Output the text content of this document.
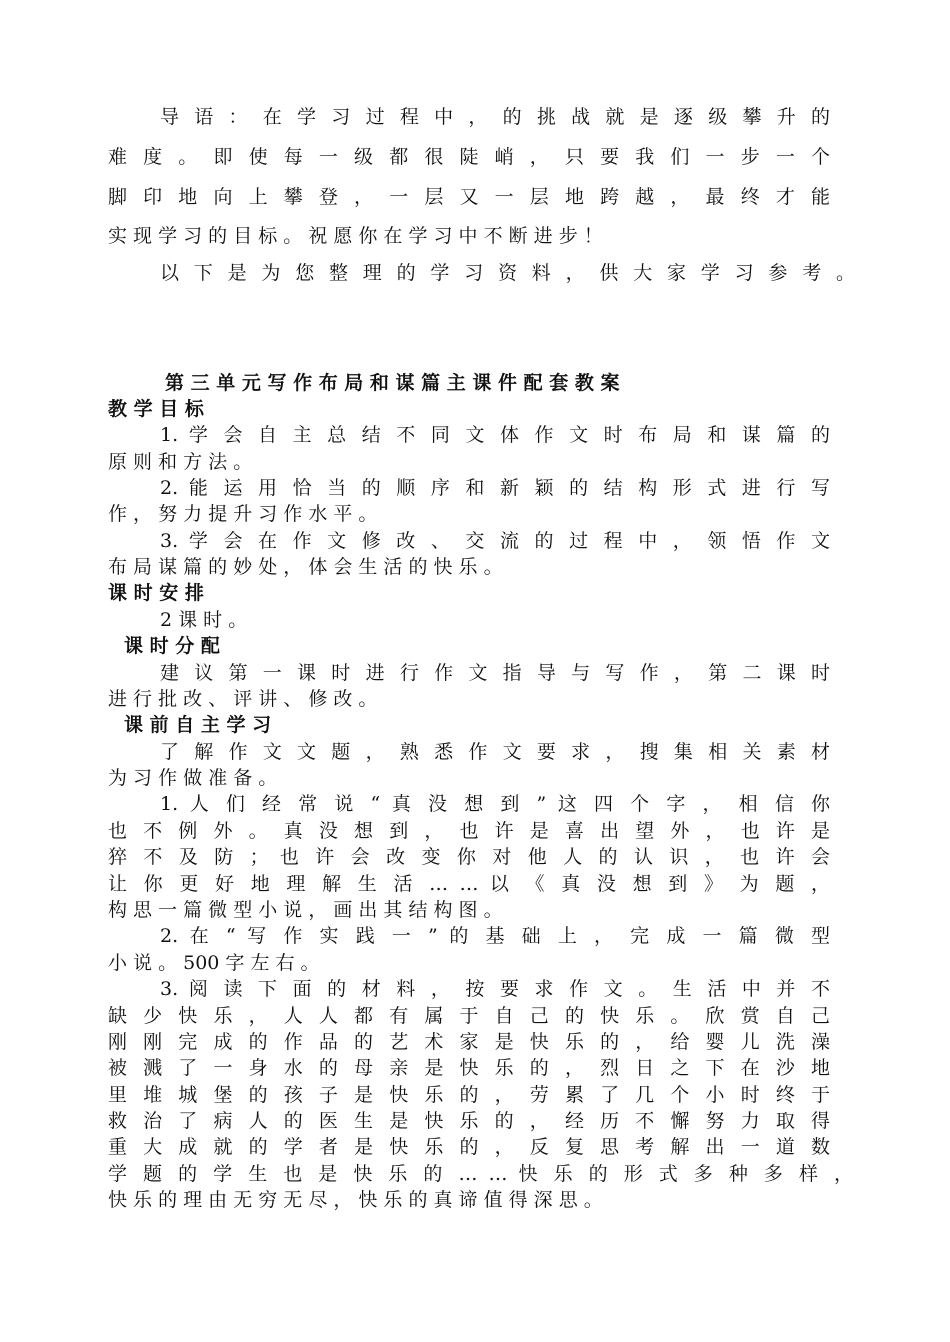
导 语 ： 在 学 习 过 程 中 ， 的 挑 战 就 是 逐 级 攀 升 的
难 度 。 即 使 每 一 级 都 很 陡 峭 ， 只 要 我 们 一 步 一 个
脚 印 地 向 上 攀 登 ， 一 层 又 一 层 地 跨 越 ， 最 终 才 能
实 现 学 习 的 目 标 。 祝 愿 你 在 学 习 中 不 断 进 步 ！
以 下 是 为 您 整 理 的 学 习 资 料 ， 供 大 家 学 习 参 考 。
第 三 单 元 写 作 布 局 和 谋 篇 主 课 件 配 套 教 案
教 学 目 标
1. 学 会 自 主 总 结 不 同 文 体 作 文 时 布 局 和 谋 篇 的
原 则 和 方 法 。
2. 能 运 用 恰 当 的 顺 序 和 新 颖 的 结 构 形 式 进 行 写
作 ， 努 力 提 升 习 作 水 平 。
3. 学 会 在 作 文 修 改 、 交 流 的 过 程 中 ， 领 悟 作 文
布 局 谋 篇 的 妙 处 ， 体 会 生 活 的 快 乐 。
课 时 安 排
2 课 时 。
课 时 分 配
建 议 第 一 课 时 进 行 作 文 指 导 与 写 作 ， 第 二 课 时
进 行 批 改 、 评 讲 、 修 改 。
课 前 自 主 学 习
了 解 作 文 文 题 ， 熟 悉 作 文 要 求 ， 搜 集 相 关 素 材
为 习 作 做 准 备 。
1. 人 们 经 常 说 “ 真 没 想 到 ” 这 四 个 字 ， 相 信 你
也 不 例 外 。 真 没 想 到 ， 也 许 是 喜 出 望 外 ， 也 许 是
猝 不 及 防 ； 也 许 会 改 变 你 对 他 人 的 认 识 ， 也 许 会
让 你 更 好 地 理 解 生 活 … … 以 《 真 没 想 到 》 为 题 ，
构 思 一 篇 微 型 小 说 ， 画 出 其 结 构 图 。
2. 在 “ 写 作 实 践 一 ” 的 基 础 上 ， 完 成 一 篇 微 型
小 说 。 500 字 左 右 。
3. 阅 读 下 面 的 材 料 ， 按 要 求 作 文 。 生 活 中 并 不
缺 少 快 乐 ， 人 人 都 有 属 于 自 己 的 快 乐 。 欣 赏 自 己
刚 刚 完 成 的 作 品 的 艺 术 家 是 快 乐 的 ， 给 婴 儿 洗 澡
被 溅 了 一 身 水 的 母 亲 是 快 乐 的 ， 烈 日 之 下 在 沙 地
里 堆 城 堡 的 孩 子 是 快 乐 的 ， 劳 累 了 几 个 小 时 终 于
救 治 了 病 人 的 医 生 是 快 乐 的 ， 经 历 不 懈 努 力 取 得
重 大 成 就 的 学 者 是 快 乐 的 ， 反 复 思 考 解 出 一 道 数
学 题 的 学 生 也 是 快 乐 的 … … 快 乐 的 形 式 多 种 多 样 ，
快 乐 的 理 由 无 穷 无 尽 ， 快 乐 的 真 谛 值 得 深 思 。
